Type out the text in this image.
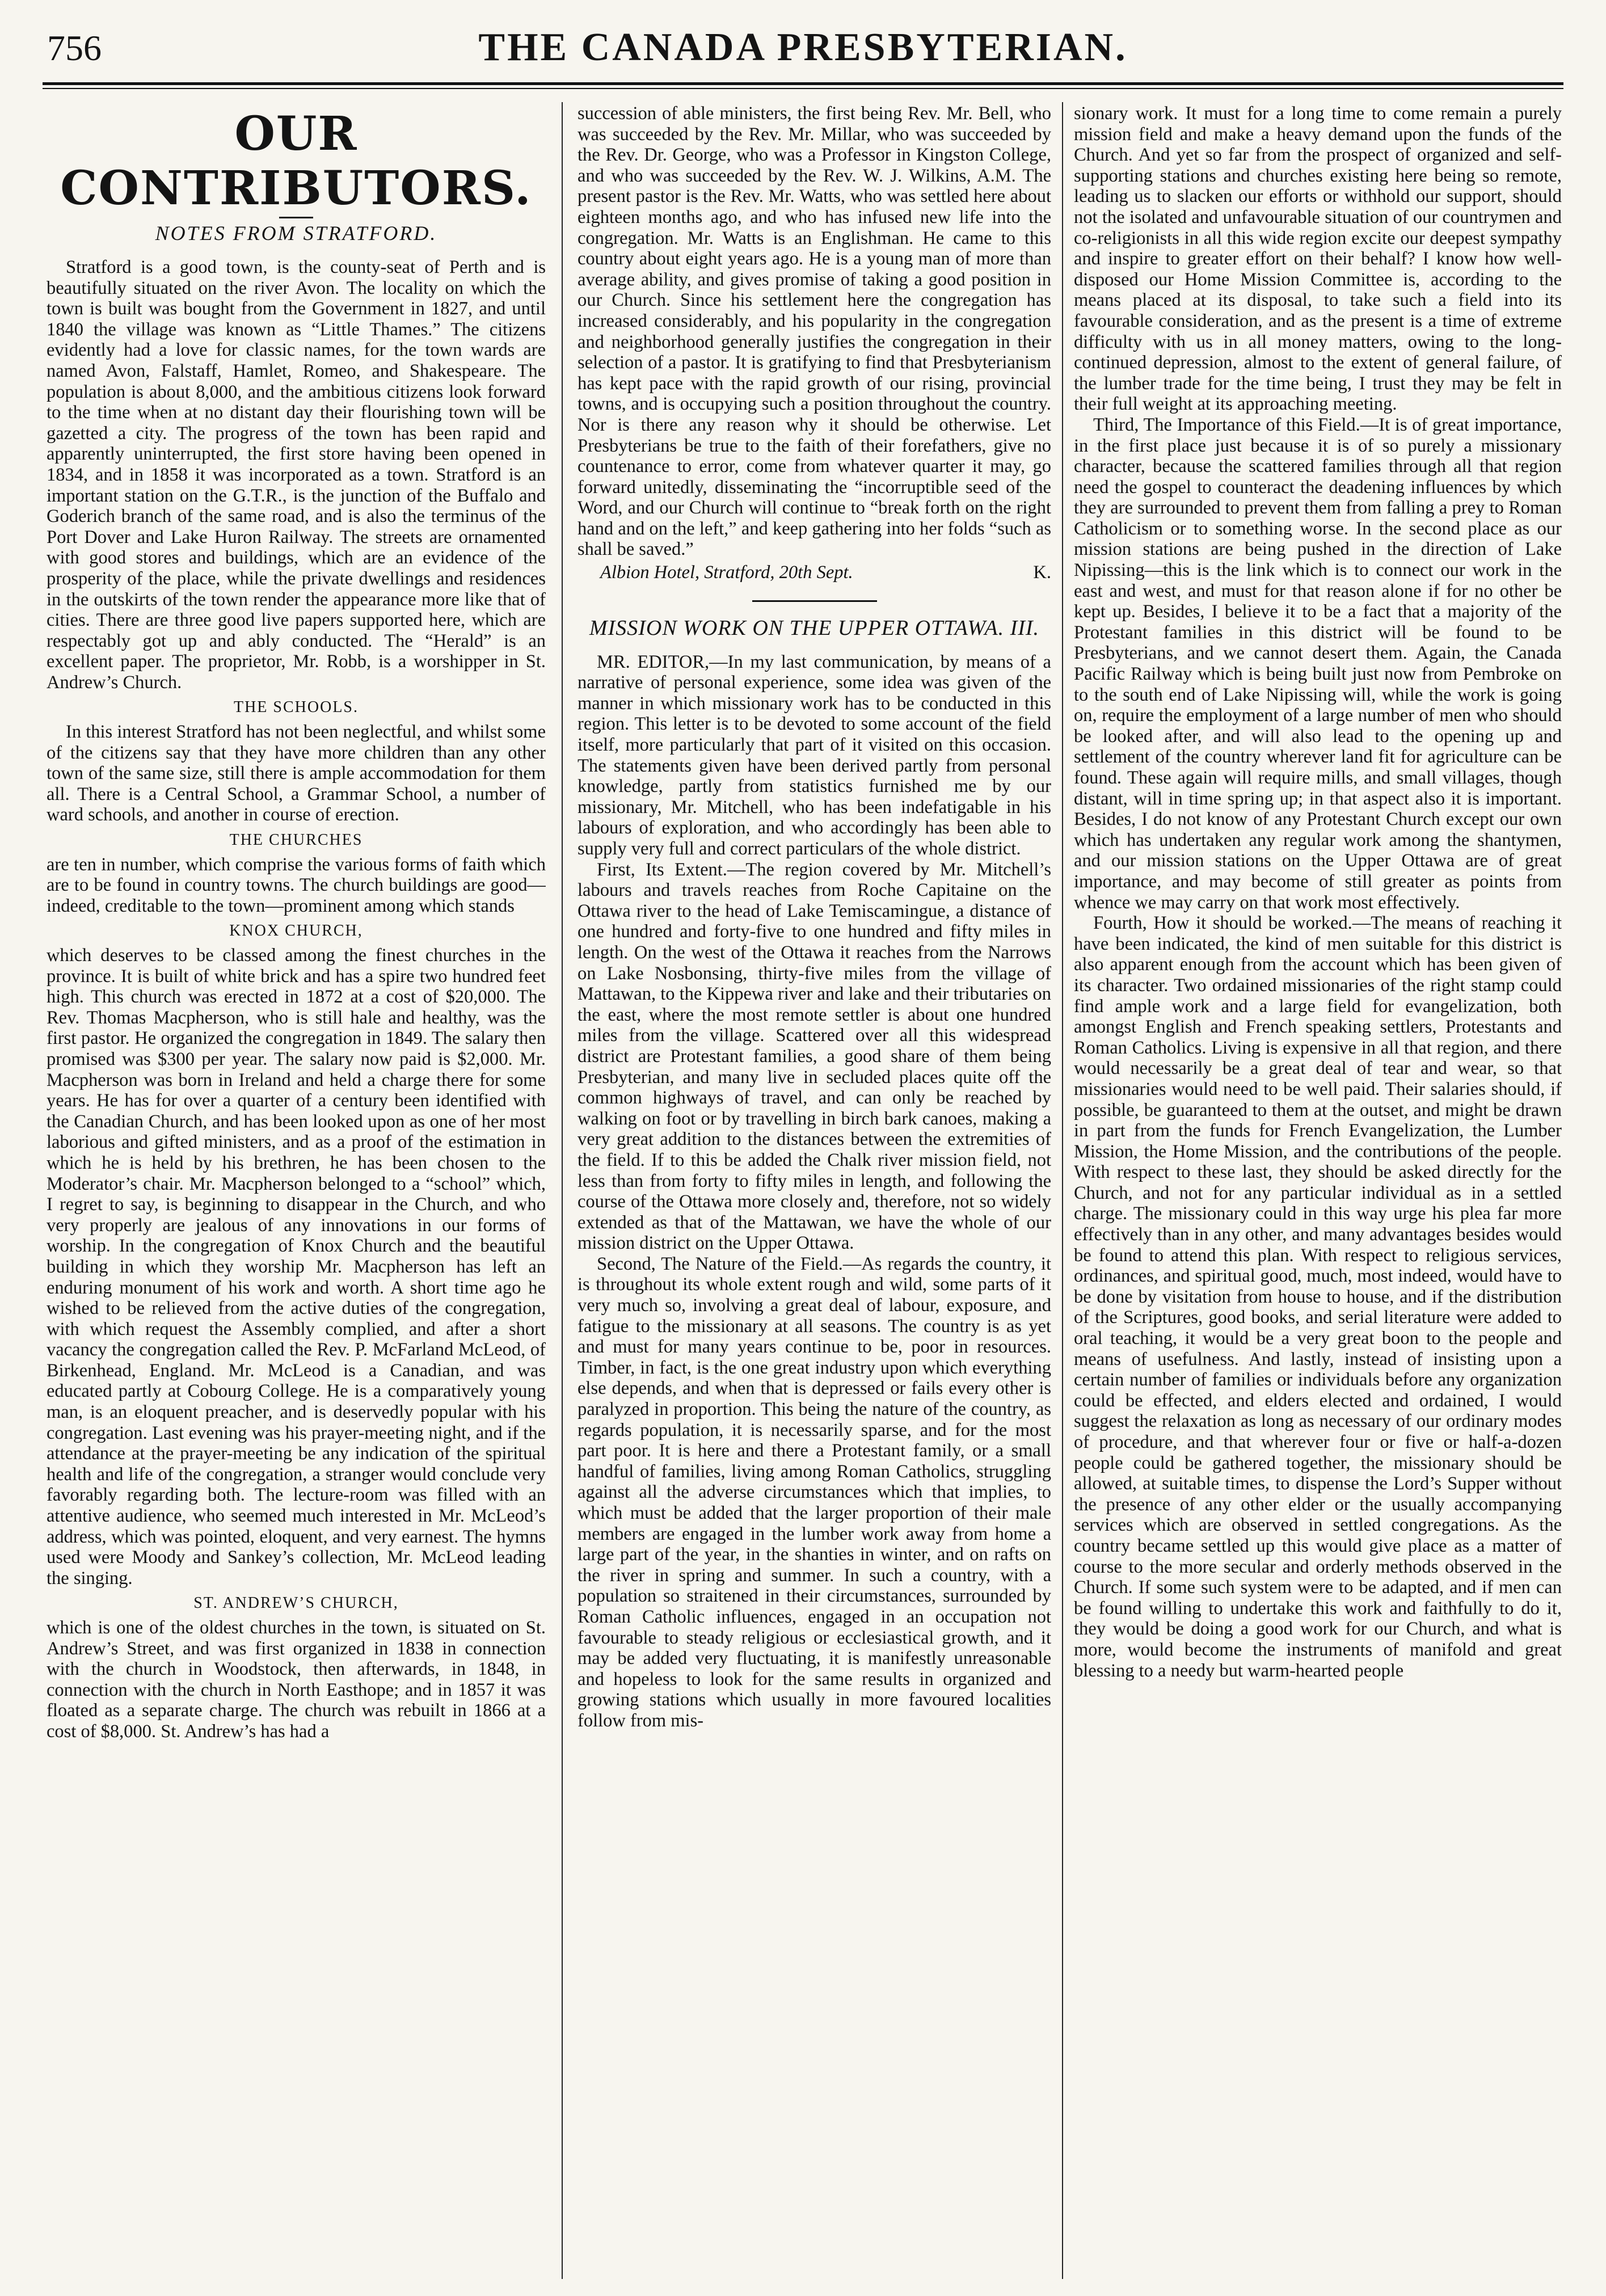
756	THE CANADA PRESBYTERIAN.
OUR CONTRIBUTORS.
NOTES FROM STRATFORD.

Stratford is a good town, is the county-seat of Perth and is beautifully situated on the river Avon. The locality on which the town is built was bought from the Government in 1827, and until 1840 the village was known as “Little Thames.” The citizens evidently had a love for classic names, for the town wards are named Avon, Falstaff, Hamlet, Romeo, and Shakespeare. The population is about 8,000, and the ambitious citizens look forward to the time when at no distant day their flourishing town will be gazetted a city. The progress of the town has been rapid and apparently uninterrupted, the first store having been opened in 1834, and in 1858 it was incorporated as a town. Stratford is an important station on the G.T.R., is the junction of the Buffalo and Goderich branch of the same road, and is also the terminus of the Port Dover and Lake Huron Railway. The streets are ornamented with good stores and buildings, which are an evidence of the prosperity of the place, while the private dwellings and residences in the outskirts of the town render the appearance more like that of cities. There are three good live papers supported here, which are respectably got up and ably conducted. The “Herald” is an excellent paper. The proprietor, Mr. Robb, is a worshipper in St. Andrew’s Church.

THE SCHOOLS.

In this interest Stratford has not been neglectful, and whilst some of the citizens say that they have more children than any other town of the same size, still there is ample accommodation for them all. There is a Central School, a Grammar School, a number of ward schools, and another in course of erection.

THE CHURCHES

are ten in number, which comprise the various forms of faith which are to be found in country towns. The church buildings are good—indeed, creditable to the town—prominent among which stands

KNOX CHURCH,

which deserves to be classed among the finest churches in the province. It is built of white brick and has a spire two hundred feet high. This church was erected in 1872 at a cost of $20,000. The Rev. Thomas Macpherson, who is still hale and healthy, was the first pastor. He organized the congregation in 1849. The salary then promised was $300 per year. The salary now paid is $2,000. Mr. Macpherson was born in Ireland and held a charge there for some years. He has for over a quarter of a century been identified with the Canadian Church, and has been looked upon as one of her most laborious and gifted ministers, and as a proof of the estimation in which he is held by his brethren, he has been chosen to the Moderator’s chair. Mr. Macpherson belonged to a “school” which, I regret to say, is beginning to disappear in the Church, and who very properly are jealous of any innovations in our forms of worship. In the congregation of Knox Church and the beautiful building in which they worship Mr. Macpherson has left an enduring monument of his work and worth. A short time ago he wished to be relieved from the active duties of the congregation, with which request the Assembly complied, and after a short vacancy the congregation called the Rev. P. McFarland McLeod, of Birkenhead, England. Mr. McLeod is a Canadian, and was educated partly at Cobourg College. He is a comparatively young man, is an eloquent preacher, and is deservedly popular with his congregation. Last evening was his prayer-meeting night, and if the attendance at the prayer-meeting be any indication of the spiritual health and life of the congregation, a stranger would conclude very favorably regarding both. The lecture-room was filled with an attentive audience, who seemed much interested in Mr. McLeod’s address, which was pointed, eloquent, and very earnest. The hymns used were Moody and Sankey’s collection, Mr. McLeod leading the singing.

ST. ANDREW’S CHURCH,

which is one of the oldest churches in the town, is situated on St. Andrew’s Street, and was first organized in 1838 in connection with the church in Woodstock, then afterwards, in 1848, in connection with the church in North Easthope; and in 1857 it was floated as a separate charge. The church was rebuilt in 1866 at a cost of $8,000. St. Andrew’s has had a

succession of able ministers, the first being Rev. Mr. Bell, who was succeeded by the Rev. Mr. Millar, who was succeeded by the Rev. Dr. George, who was a Professor in Kingston College, and who was succeeded by the Rev. W. J. Wilkins, A.M. The present pastor is the Rev. Mr. Watts, who was settled here about eighteen months ago, and who has infused new life into the congregation. Mr. Watts is an Englishman. He came to this country about eight years ago. He is a young man of more than average ability, and gives promise of taking a good position in our Church. Since his settlement here the congregation has increased considerably, and his popularity in the congregation and neighborhood generally justifies the congregation in their selection of a pastor. It is gratifying to find that Presbyterianism has kept pace with the rapid growth of our rising, provincial towns, and is occupying such a position throughout the country. Nor is there any reason why it should be otherwise. Let Presbyterians be true to the faith of their forefathers, give no countenance to error, come from whatever quarter it may, go forward unitedly, disseminating the “incorruptible seed of the Word, and our Church will continue to “break forth on the right hand and on the left,” and keep gathering into her folds “such as shall be saved.”

Albion Hotel, Stratford, 20th Sept.	K.
MISSION WORK ON THE UPPER OTTAWA. III.

MR. EDITOR,—In my last communication, by means of a narrative of personal experience, some idea was given of the manner in which missionary work has to be conducted in this region. This letter is to be devoted to some account of the field itself, more particularly that part of it visited on this occasion. The statements given have been derived partly from personal knowledge, partly from statistics furnished me by our missionary, Mr. Mitchell, who has been indefatigable in his labours of exploration, and who accordingly has been able to supply very full and correct particulars of the whole district.

First, Its Extent.—The region covered by Mr. Mitchell’s labours and travels reaches from Roche Capitaine on the Ottawa river to the head of Lake Temiscamingue, a distance of one hundred and forty-five to one hundred and fifty miles in length. On the west of the Ottawa it reaches from the Narrows on Lake Nosbonsing, thirty-five miles from the village of Mattawan, to the Kippewa river and lake and their tributaries on the east, where the most remote settler is about one hundred miles from the village. Scattered over all this widespread district are Protestant families, a good share of them being Presbyterian, and many live in secluded places quite off the common highways of travel, and can only be reached by walking on foot or by travelling in birch bark canoes, making a very great addition to the distances between the extremities of the field. If to this be added the Chalk river mission field, not less than from forty to fifty miles in length, and following the course of the Ottawa more closely and, therefore, not so widely extended as that of the Mattawan, we have the whole of our mission district on the Upper Ottawa.

Second, The Nature of the Field.—As regards the country, it is throughout its whole extent rough and wild, some parts of it very much so, involving a great deal of labour, exposure, and fatigue to the missionary at all seasons. The country is as yet and must for many years continue to be, poor in resources. Timber, in fact, is the one great industry upon which everything else depends, and when that is depressed or fails every other is paralyzed in proportion. This being the nature of the country, as regards population, it is necessarily sparse, and for the most part poor. It is here and there a Protestant family, or a small handful of families, living among Roman Catholics, struggling against all the adverse circumstances which that implies, to which must be added that the larger proportion of their male members are engaged in the lumber work away from home a large part of the year, in the shanties in winter, and on rafts on the river in spring and summer. In such a country, with a population so straitened in their circumstances, surrounded by Roman Catholic influences, engaged in an occupation not favourable to steady religious or ecclesiastical growth, and it may be added very fluctuating, it is manifestly unreasonable and hopeless to look for the same results in organized and growing stations which usually in more favoured localities follow from mis-

sionary work. It must for a long time to come remain a purely mission field and make a heavy demand upon the funds of the Church. And yet so far from the prospect of organized and self-supporting stations and churches existing here being so remote, leading us to slacken our efforts or withhold our support, should not the isolated and unfavourable situation of our countrymen and co-religionists in all this wide region excite our deepest sympathy and inspire to greater effort on their behalf? I know how well-disposed our Home Mission Committee is, according to the means placed at its disposal, to take such a field into its favourable consideration, and as the present is a time of extreme difficulty with us in all money matters, owing to the long-continued depression, almost to the extent of general failure, of the lumber trade for the time being, I trust they may be felt in their full weight at its approaching meeting.

Third, The Importance of this Field.—It is of great importance, in the first place just because it is of so purely a missionary character, because the scattered families through all that region need the gospel to counteract the deadening influences by which they are surrounded to prevent them from falling a prey to Roman Catholicism or to something worse. In the second place as our mission stations are being pushed in the direction of Lake Nipissing—this is the link which is to connect our work in the east and west, and must for that reason alone if for no other be kept up. Besides, I believe it to be a fact that a majority of the Protestant families in this district will be found to be Presbyterians, and we cannot desert them. Again, the Canada Pacific Railway which is being built just now from Pembroke on to the south end of Lake Nipissing will, while the work is going on, require the employment of a large number of men who should be looked after, and will also lead to the opening up and settlement of the country wherever land fit for agriculture can be found. These again will require mills, and small villages, though distant, will in time spring up; in that aspect also it is important. Besides, I do not know of any Protestant Church except our own which has undertaken any regular work among the shantymen, and our mission stations on the Upper Ottawa are of great importance, and may become of still greater as points from whence we may carry on that work most effectively.

Fourth, How it should be worked.—The means of reaching it have been indicated, the kind of men suitable for this district is also apparent enough from the account which has been given of its character. Two ordained missionaries of the right stamp could find ample work and a large field for evangelization, both amongst English and French speaking settlers, Protestants and Roman Catholics. Living is expensive in all that region, and there would necessarily be a great deal of tear and wear, so that missionaries would need to be well paid. Their salaries should, if possible, be guaranteed to them at the outset, and might be drawn in part from the funds for French Evangelization, the Lumber Mission, the Home Mission, and the contributions of the people. With respect to these last, they should be asked directly for the Church, and not for any particular individual as in a settled charge. The missionary could in this way urge his plea far more effectively than in any other, and many advantages besides would be found to attend this plan. With respect to religious services, ordinances, and spiritual good, much, most indeed, would have to be done by visitation from house to house, and if the distribution of the Scriptures, good books, and serial literature were added to oral teaching, it would be a very great boon to the people and means of usefulness. And lastly, instead of insisting upon a certain number of families or individuals before any organization could be effected, and elders elected and ordained, I would suggest the relaxation as long as necessary of our ordinary modes of procedure, and that wherever four or five or half-a-dozen people could be gathered together, the missionary should be allowed, at suitable times, to dispense the Lord’s Supper without the presence of any other elder or the usually accompanying services which are observed in settled congregations. As the country became settled up this would give place as a matter of course to the more secular and orderly methods observed in the Church. If some such system were to be adapted, and if men can be found willing to undertake this work and faithfully to do it, they would be doing a good work for our Church, and what is more, would become the instruments of manifold and great blessing to a needy but warm-hearted people
